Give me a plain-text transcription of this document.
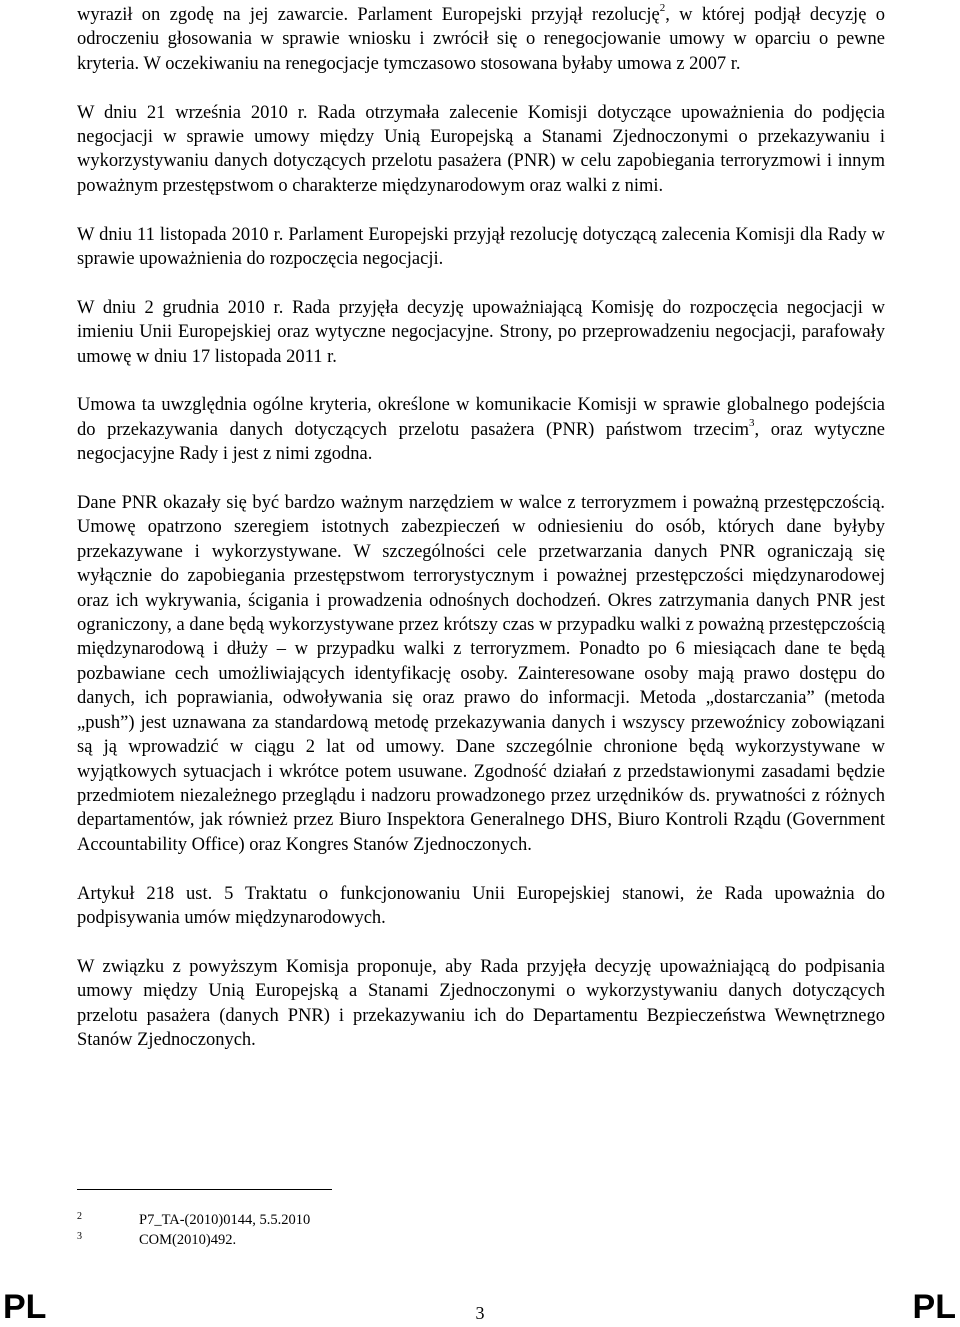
wyraził on zgodę na jej zawarcie. Parlament Europejski przyjął rezolucję$^2$, w której podjął decyzję o odroczeniu głosowania w sprawie wniosku i zwrócił się o renegocjowanie umowy w oparciu o pewne kryteria. W oczekiwaniu na renegocjacje tymczasowo stosowana byłaby umowa z 2007 r.

W dniu 21 września 2010 r. Rada otrzymała zalecenie Komisji dotyczące upoważnienia do podjęcia negocjacji w sprawie umowy między Unią Europejską a Stanami Zjednoczonymi o przekazywaniu i wykorzystywaniu danych dotyczących przelotu pasażera (PNR) w celu zapobiegania terroryzmowi i innym poważnym przestępstwom o charakterze międzynarodowym oraz walki z nimi.

W dniu 11 listopada 2010 r. Parlament Europejski przyjął rezolucję dotyczącą zalecenia Komisji dla Rady w sprawie upoważnienia do rozpoczęcia negocjacji.

W dniu 2 grudnia 2010 r. Rada przyjęła decyzję upoważniającą Komisję do rozpoczęcia negocjacji w imieniu Unii Europejskiej oraz wytyczne negocjacyjne. Strony, po przeprowadzeniu negocjacji, parafowały umowę w dniu 17 listopada 2011 r.

Umowa ta uwzględnia ogólne kryteria, określone w komunikacie Komisji w sprawie globalnego podejścia do przekazywania danych dotyczących przelotu pasażera (PNR) państwom trzecim$^3$, oraz wytyczne negocjacyjne Rady i jest z nimi zgodna.

Dane PNR okazały się być bardzo ważnym narzędziem w walce z terroryzmem i poważną przestępczością. Umowę opatrzono szeregiem istotnych zabezpieczeń w odniesieniu do osób, których dane byłyby przekazywane i wykorzystywane. W szczególności cele przetwarzania danych PNR ograniczają się wyłącznie do zapobiegania przestępstwom terrorystycznym i poważnej przestępczości międzynarodowej oraz ich wykrywania, ścigania i prowadzenia odnośnych dochodzeń. Okres zatrzymania danych PNR jest ograniczony, a dane będą wykorzystywane przez krótszy czas w przypadku walki z poważną przestępczością międzynarodową i dłuży – w przypadku walki z terroryzmem. Ponadto po 6 miesiącach dane te będą pozbawiane cech umożliwiających identyfikację osoby. Zainteresowane osoby mają prawo dostępu do danych, ich poprawiania, odwoływania się oraz prawo do informacji. Metoda „dostarczania” (metoda „push”) jest uznawana za standardową metodę przekazywania danych i wszyscy przewoźnicy zobowiązani są ją wprowadzić w ciągu 2 lat od umowy. Dane szczególnie chronione będą wykorzystywane w wyjątkowych sytuacjach i wkrótce potem usuwane. Zgodność działań z przedstawionymi zasadami będzie przedmiotem niezależnego przeglądu i nadzoru prowadzonego przez urzędników ds. prywatności z różnych departamentów, jak również przez Biuro Inspektora Generalnego DHS, Biuro Kontroli Rządu (Government Accountability Office) oraz Kongres Stanów Zjednoczonych.

Artykuł 218 ust. 5 Traktatu o funkcjonowaniu Unii Europejskiej stanowi, że Rada upoważnia do podpisywania umów międzynarodowych.

W związku z powyższym Komisja proponuje, aby Rada przyjęła decyzję upoważniającą do podpisania umowy między Unią Europejską a Stanami Zjednoczonymi o wykorzystywaniu danych dotyczących przelotu pasażera (danych PNR) i przekazywaniu ich do Departamentu Bezpieczeństwa Wewnętrznego Stanów Zjednoczonych.

2	P7_TA-(2010)0144, 5.5.2010
3	COM(2010)492.
PL	3	PL
